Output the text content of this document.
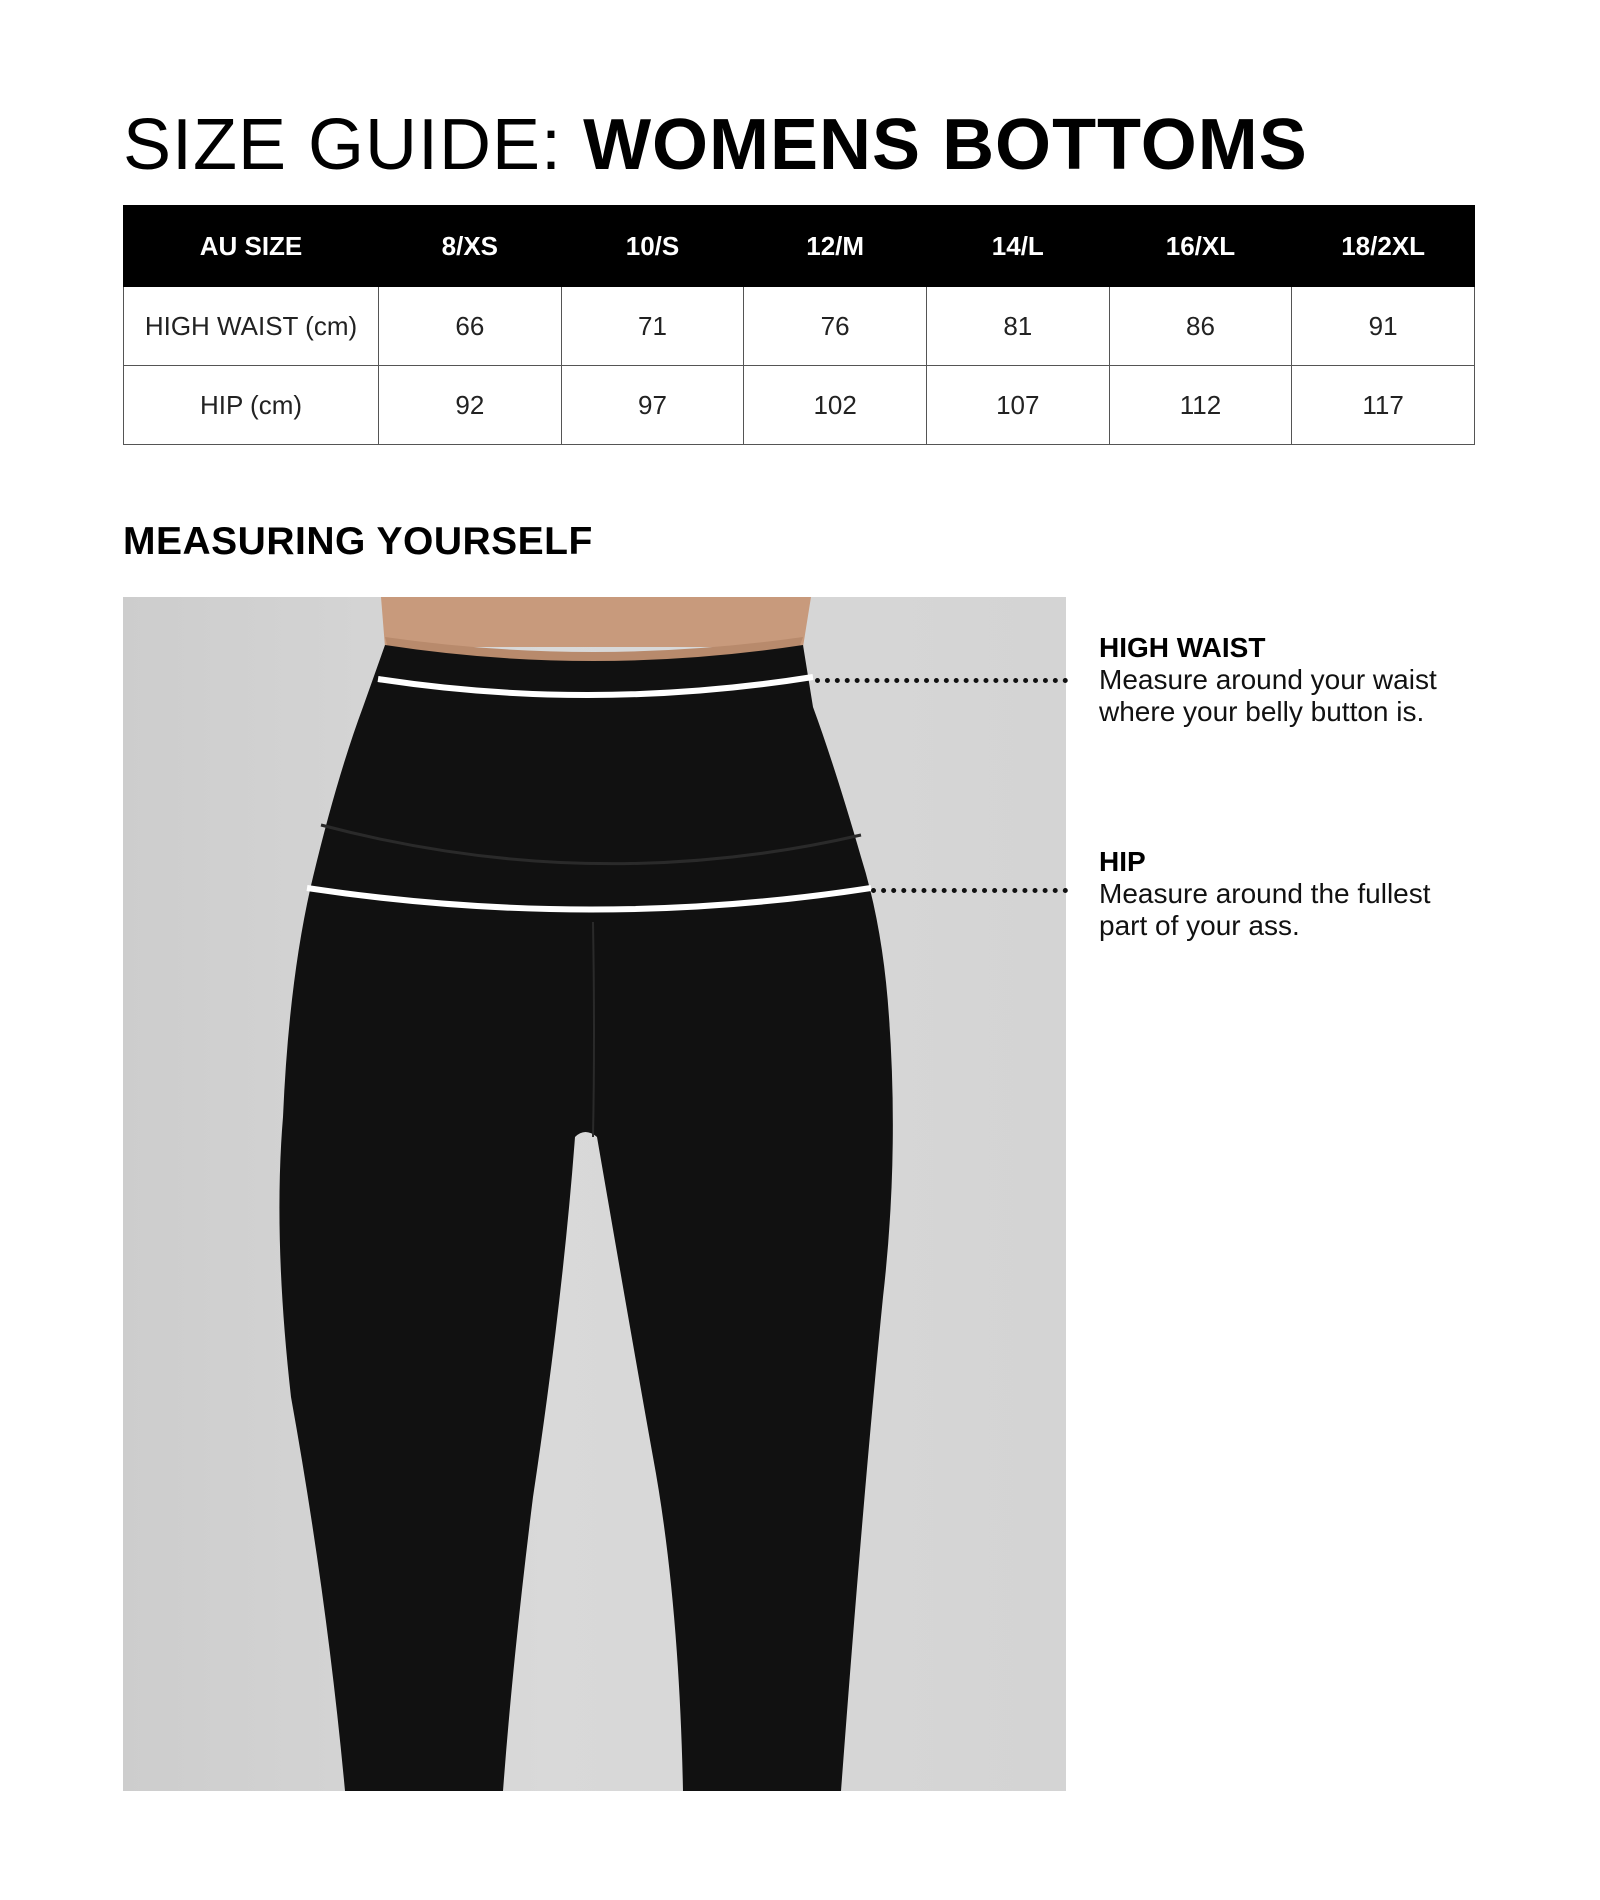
SIZE GUIDE: WOMENS BOTTOMS
AU SIZE	8/XS	10/S	12/M	14/L	16/XL	18/2XL
HIGH WAIST (cm)	66	71	76	81	86	91
HIP (cm)	92	97	102	107	112	117
MEASURING YOURSELF

HIGH WAIST

Measure around your waist

where your belly button is.

HIP

Measure around the fullest

part of your ass.
